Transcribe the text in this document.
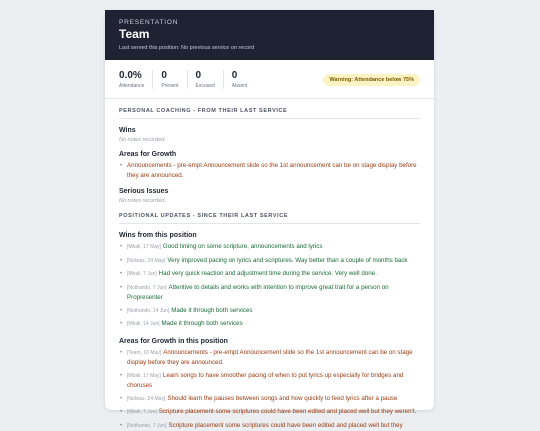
PRESENTATION
Team
Last served this position: No previous service on record
0.0%
Attendance
0
Present
0
Excused
0
Absent
Warning: Attendance below 75%
PERSONAL COACHING - FROM THEIR LAST SERVICE
Wins
No notes recorded.
Areas for Growth
• Announcements - pre-empt Announcement slide so the 1st announcement can be on stage display before they are announced.
Serious Issues
No notes recorded.
POSITIONAL UPDATES - SINCE THEIR LAST SERVICE
Wins from this position
• [Mbali, 17 May] Good timing on some scripture, announcements and lyrics
• [Nolwaz, 24 May] Very improved pacing on lyrics and scriptures. Way better than a couple of months back
• [Mbali, 7 Jun] Had very quick reaction and adjustment time during the service. Very well done.
• [Nothando, 7 Jun] Attentive to details and works with intention to improve great trait for a person on Propresenter
• [Nothando, 14 Jun] Made it through both services
• [Mbali, 14 Jun] Made it through both services
Areas for Growth in this position
• [Team, 10 May] Announcements - pre-empt Announcement slide so the 1st announcement can be on stage display before they are announced.
• [Mbali, 17 May] Learn songs to have smoother pacing of when to put lyrics up especially for bridges and choruses
• [Nolwaz, 24 May] Should learn the pauses between songs and how quickly to feed lyrics after a pause
• [Mbali, 7 Jun] Scripture placement some scriptures could have been edited and placed well but they weren't.
• [Nothando, 7 Jun] Scripture placement some scriptures could have been edited and placed well but they
